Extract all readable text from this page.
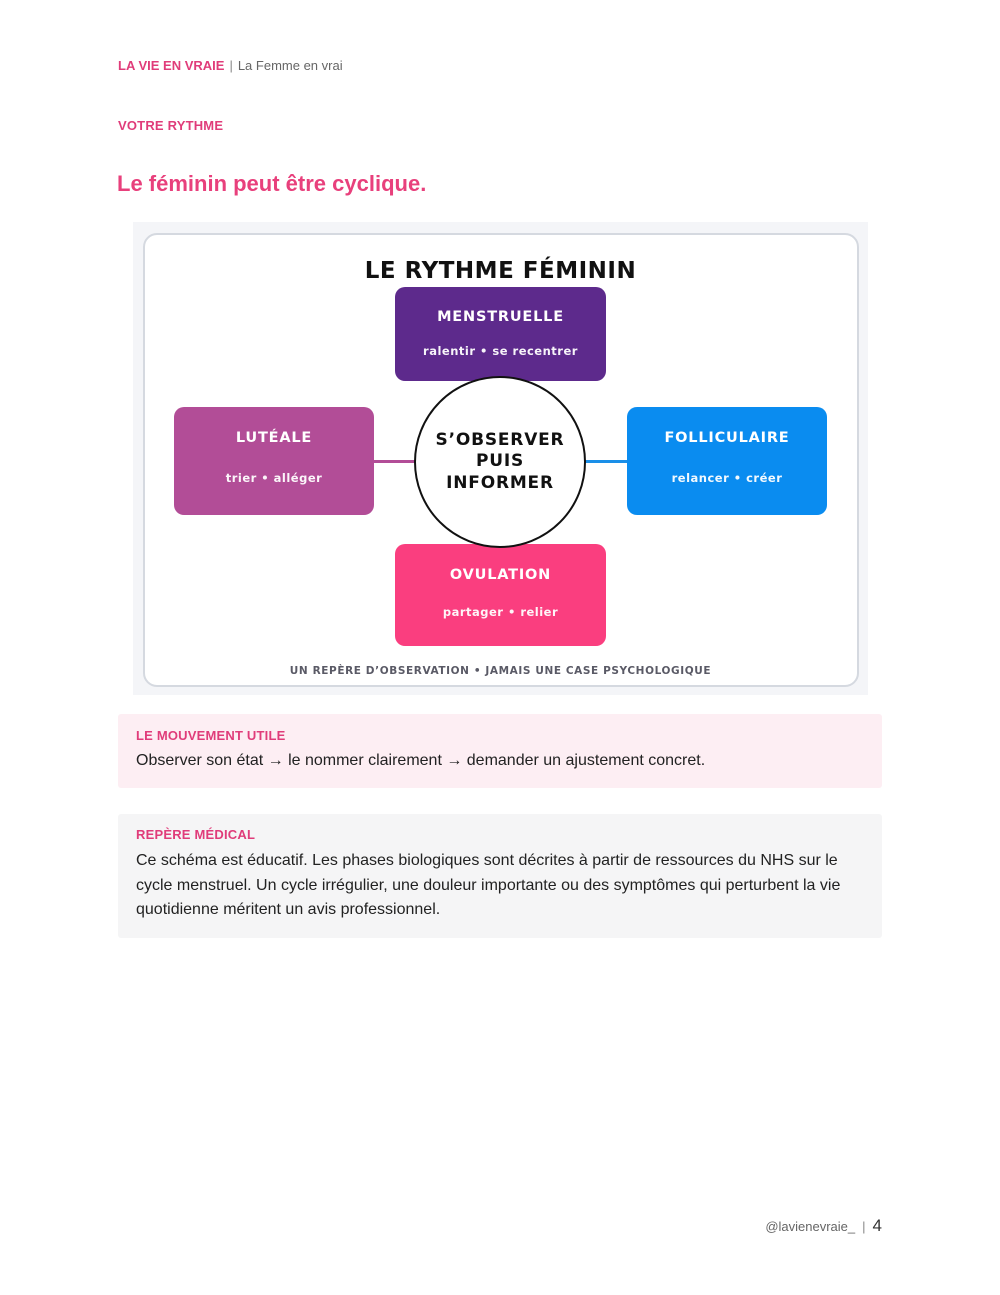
LA VIE EN VRAIE | La Femme en vrai
VOTRE RYTHME
Le féminin peut être cyclique.
LE RYTHME FÉMININ
MENSTRUELLE
ralentir • se recentrer
LUTÉALE
trier • alléger
FOLLICULAIRE
relancer • créer
OVULATION
partager • relier
S’OBSERVER
PUIS
INFORMER
UN REPÈRE D’OBSERVATION • JAMAIS UNE CASE PSYCHOLOGIQUE
LE MOUVEMENT UTILE

Observer son état → le nommer clairement → demander un ajustement concret.

REPÈRE MÉDICAL

Ce schéma est éducatif. Les phases biologiques sont décrites à partir de ressources du NHS sur le cycle menstruel. Un cycle irrégulier, une douleur importante ou des symptômes qui perturbent la vie quotidienne méritent un avis professionnel.

@lavienevraie_ | 4
